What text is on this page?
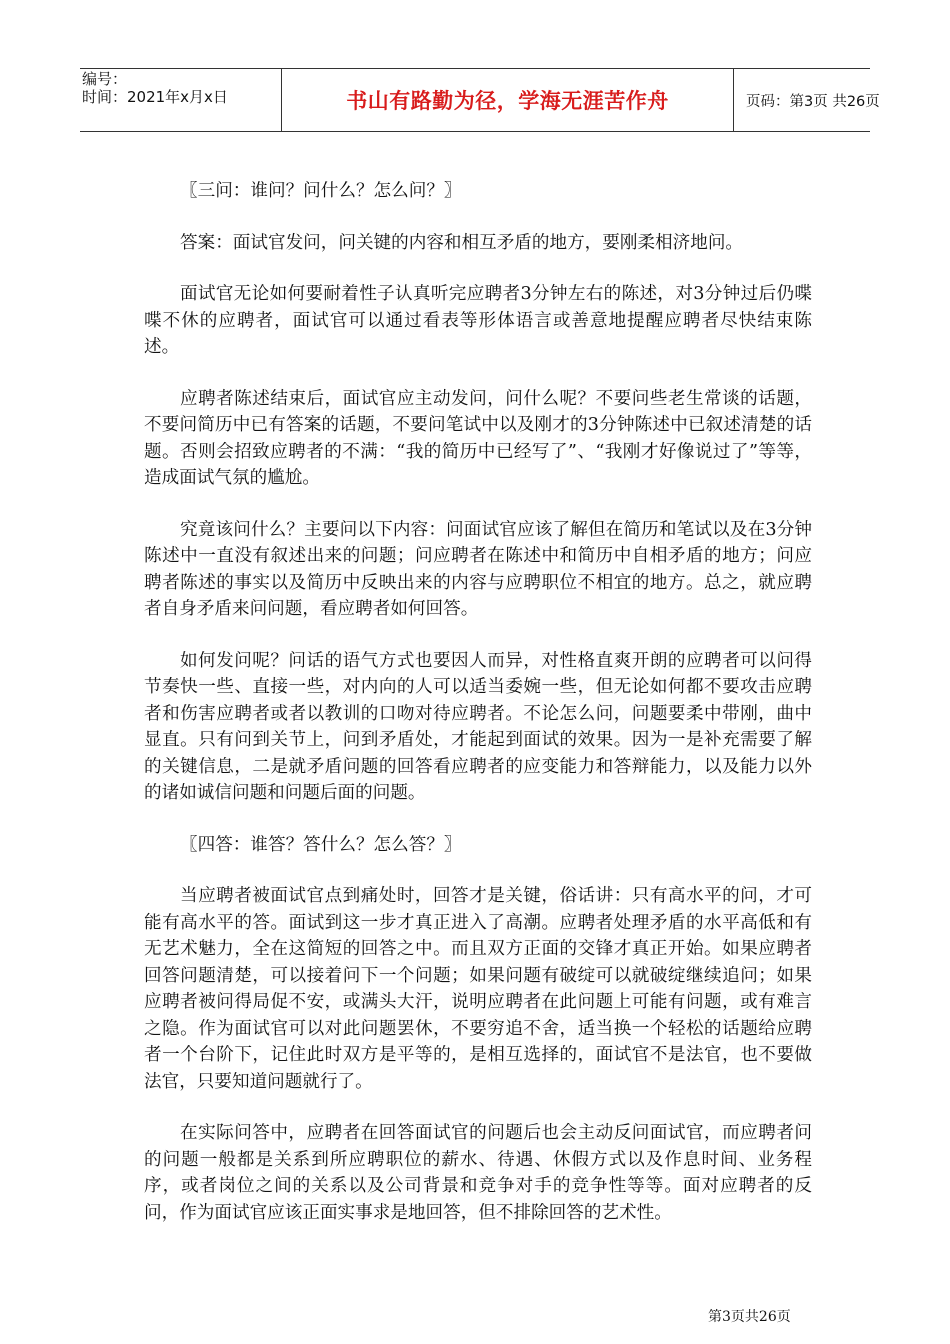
编号：
时间：2021年x月x日	书山有路勤为径，学海无涯苦作舟	页码：第3页 共26页

〖三问：谁问？问什么？怎么问？〗

答案：面试官发问，问关键的内容和相互矛盾的地方，要刚柔相济地问。

面试官无论如何要耐着性子认真听完应聘者3分钟左右的陈述，对3分钟过后仍喋喋不休的应聘者，面试官可以通过看表等形体语言或善意地提醒应聘者尽快结束陈述。

应聘者陈述结束后，面试官应主动发问，问什么呢？不要问些老生常谈的话题，不要问简历中已有答案的话题，不要问笔试中以及刚才的3分钟陈述中已叙述清楚的话题。否则会招致应聘者的不满：“我的简历中已经写了”、“我刚才好像说过了”等等，造成面试气氛的尴尬。

究竟该问什么？主要问以下内容：问面试官应该了解但在简历和笔试以及在3分钟陈述中一直没有叙述出来的问题；问应聘者在陈述中和简历中自相矛盾的地方；问应聘者陈述的事实以及简历中反映出来的内容与应聘职位不相宜的地方。总之，就应聘者自身矛盾来问问题，看应聘者如何回答。

如何发问呢？问话的语气方式也要因人而异，对性格直爽开朗的应聘者可以问得节奏快一些、直接一些，对内向的人可以适当委婉一些，但无论如何都不要攻击应聘者和伤害应聘者或者以教训的口吻对待应聘者。不论怎么问，问题要柔中带刚，曲中显直。只有问到关节上，问到矛盾处，才能起到面试的效果。因为一是补充需要了解的关键信息，二是就矛盾问题的回答看应聘者的应变能力和答辩能力，以及能力以外的诸如诚信问题和问题后面的问题。

〖四答：谁答？答什么？怎么答？〗

当应聘者被面试官点到痛处时，回答才是关键，俗话讲：只有高水平的问，才可能有高水平的答。面试到这一步才真正进入了高潮。应聘者处理矛盾的水平高低和有无艺术魅力，全在这简短的回答之中。而且双方正面的交锋才真正开始。如果应聘者回答问题清楚，可以接着问下一个问题；如果问题有破绽可以就破绽继续追问；如果应聘者被问得局促不安，或满头大汗，说明应聘者在此问题上可能有问题，或有难言之隐。作为面试官可以对此问题罢休，不要穷追不舍，适当换一个轻松的话题给应聘者一个台阶下，记住此时双方是平等的，是相互选择的，面试官不是法官，也不要做法官，只要知道问题就行了。

在实际问答中，应聘者在回答面试官的问题后也会主动反问面试官，而应聘者问的问题一般都是关系到所应聘职位的薪水、待遇、休假方式以及作息时间、业务程序，或者岗位之间的关系以及公司背景和竞争对手的竞争性等等。面对应聘者的反问，作为面试官应该正面实事求是地回答，但不排除回答的艺术性。

第3页共26页
